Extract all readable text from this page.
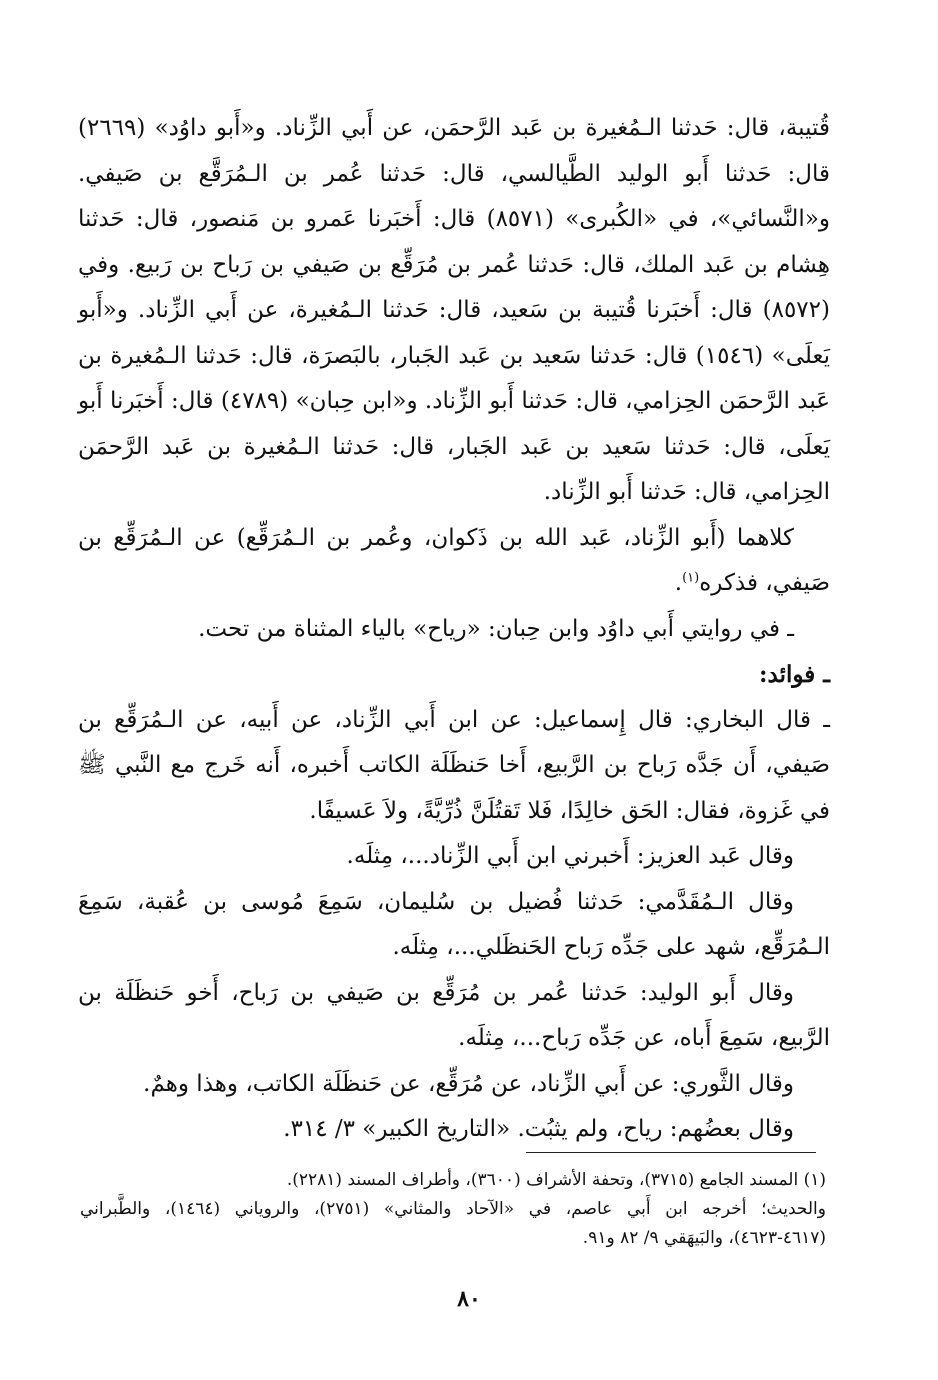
قُتيبة، قال: حَدثنا الـمُغيرة بن عَبد الرَّحمَن، عن أَبي الزِّناد. و«أَبو داوُد» (٢٦٦٩) قال: حَدثنا أَبو الوليد الطَّيالسي، قال: حَدثنا عُمر بن الـمُرَقَّع بن صَيفي. و«النَّسائي»، في «الكُبرى» (٨٥٧١) قال: أَخبَرنا عَمرو بن مَنصور، قال: حَدثنا هِشام بن عَبد الملك، قال: حَدثنا عُمر بن مُرَقِّع بن صَيفي بن رَباح بن رَبيع. وفي (٨٥٧٢) قال: أَخبَرنا قُتيبة بن سَعيد، قال: حَدثنا الـمُغيرة، عن أَبي الزِّناد. و«أَبو يَعلَى» (١٥٤٦) قال: حَدثنا سَعيد بن عَبد الجَبار، بالبَصرَة، قال: حَدثنا الـمُغيرة بن عَبد الرَّحمَن الحِزامي، قال: حَدثنا أَبو الزِّناد. و«ابن حِبان» (٤٧٨٩) قال: أَخبَرنا أَبو يَعلَى، قال: حَدثنا سَعيد بن عَبد الجَبار، قال: حَدثنا الـمُغيرة بن عَبد الرَّحمَن الحِزامي، قال: حَدثنا أَبو الزِّناد.

كلاهما (أَبو الزِّناد، عَبد الله بن ذَكوان، وعُمر بن الـمُرَقِّع) عن الـمُرَقِّع بن صَيفي، فذكره$^{(١)}$.

ـ في روايتي أَبي داوُد وابن حِبان: «رياح» بالياء المثناة من تحت.

ـ فوائد:

ـ قال البخاري: قال إِسماعيل: عن ابن أَبي الزِّناد، عن أَبيه، عن الـمُرَقِّع بن صَيفي، أَن جَدَّه رَباح بن الرَّبيع، أَخا حَنظَلَة الكاتب أَخبره، أَنه خَرج مع النَّبي ﷺ في غَزوة، فقال: الحَق خالِدًا، فَلا تَقتُلَنَّ ذُرِّيَّةً، ولاَ عَسيفًا.

وقال عَبد العزيز: أَخبرني ابن أَبي الزِّناد...، مِثلَه.

وقال الـمُقَدَّمي: حَدثنا فُضيل بن سُليمان، سَمِعَ مُوسى بن عُقبة، سَمِعَ الـمُرَقِّع، شهد على جَدِّه رَباح الحَنظَلي...، مِثلَه.

وقال أَبو الوليد: حَدثنا عُمر بن مُرَقِّع بن صَيفي بن رَباح، أَخو حَنظَلَة بن الرَّبيع، سَمِعَ أَباه، عن جَدِّه رَباح...، مِثلَه.

وقال الثَّوري: عن أَبي الزِّناد، عن مُرَقِّع، عن حَنظَلَة الكاتب، وهذا وهمٌ.

وقال بعضُهم: رياح، ولم يثبُت. «التاريخ الكبير» ٣/ ٣١٤.

(١) المسند الجامع (٣٧١٥)، وتحفة الأشراف (٣٦٠٠)، وأطراف المسند (٢٢٨١).

والحديث؛ أخرجه ابن أَبي عاصم، في «الآحاد والمثاني» (٢٧٥١)، والروياني (١٤٦٤)، والطَّبراني (٤٦١٧-٤٦٢٣)، والبَيهَقي ٩/ ٨٢ و٩١.

٨٠
